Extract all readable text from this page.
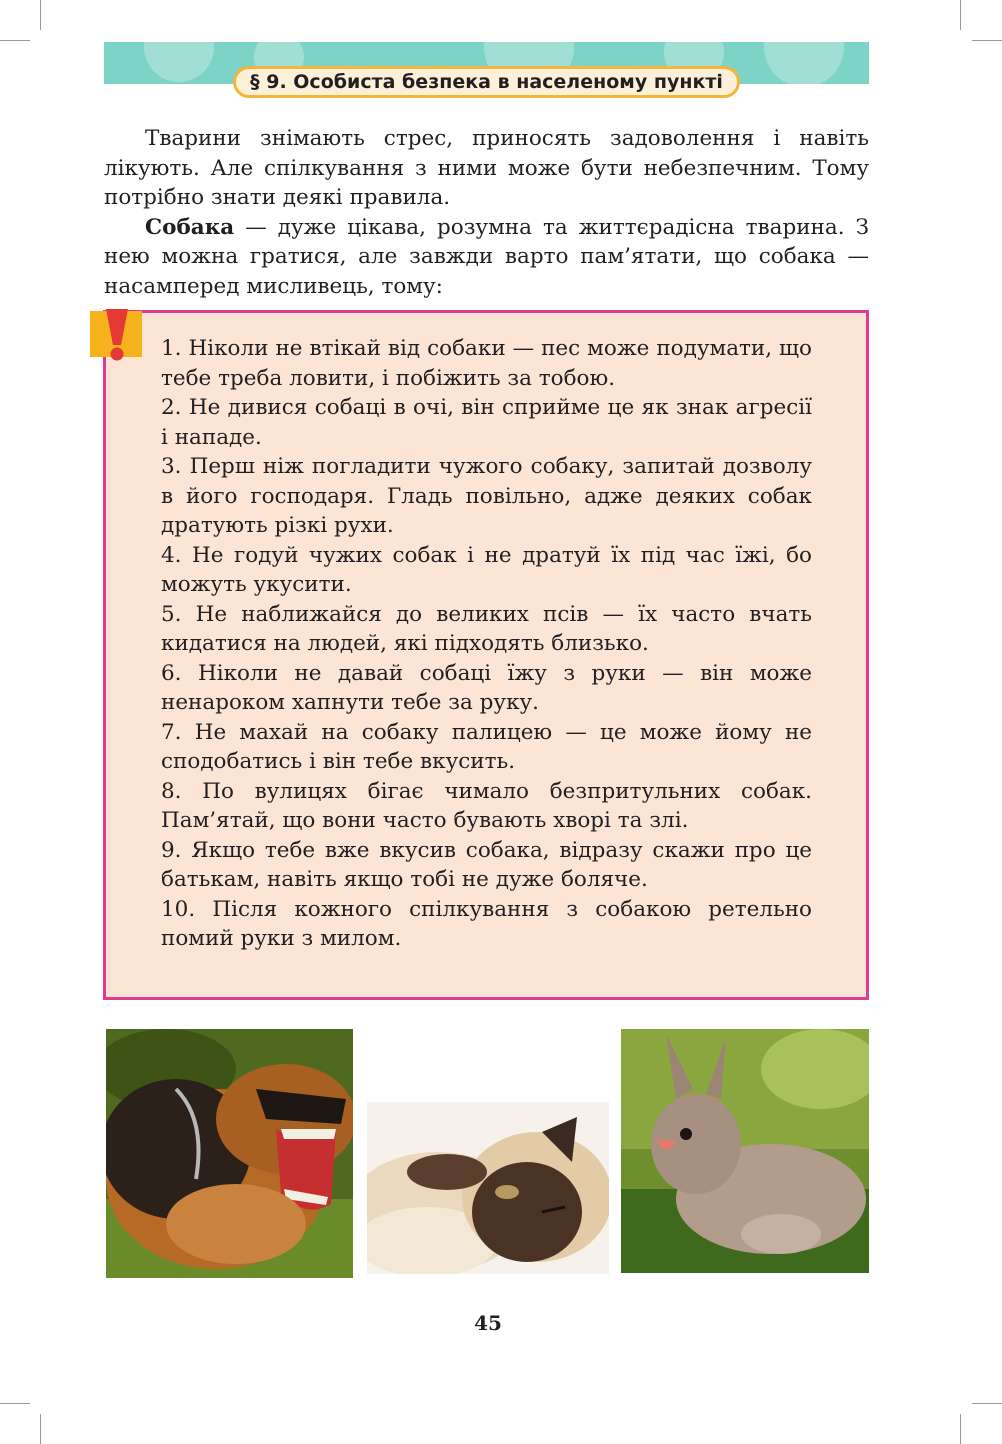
§ 9. Особиста безпека в населеному пункті

Тварини знімають стрес, приносять задоволення і навіть лікують. Але спілкування з ними може бути небезпечним. Тому потрібно знати деякі правила.

Собака — дуже цікава, розумна та життєрадісна тварина. З нею можна гратися, але завжди варто пам’ятати, що собака — насамперед мисливець, тому:

1. Ніколи не втікай від собаки — пес може подумати, що тебе треба ловити, і побіжить за тобою.
2. Не дивися собаці в очі, він сприйме це як знак агресії і нападе.
3. Перш ніж погладити чужого собаку, запитай дозволу в його господаря. Гладь повільно, адже деяких собак дратують різкі рухи.
4. Не годуй чужих собак і не дратуй їх під час їжі, бо можуть укусити.
5. Не наближайся до великих псів — їх часто вчать кидатися на людей, які підходять близько.
6. Ніколи не давай собаці їжу з руки — він може ненароком хапнути тебе за руку.
7. Не махай на собаку палицею — це може йому не сподобатись і він тебе вкусить.
8. По вулицях бігає чимало безпритульних собак. Пам’ятай, що вони часто бувають хворі та злі.
9. Якщо тебе вже вкусив собака, відразу скажи про це батькам, навіть якщо тобі не дуже боляче.
10. Після кожного спілкування з собакою ретельно помий руки з милом.
45
